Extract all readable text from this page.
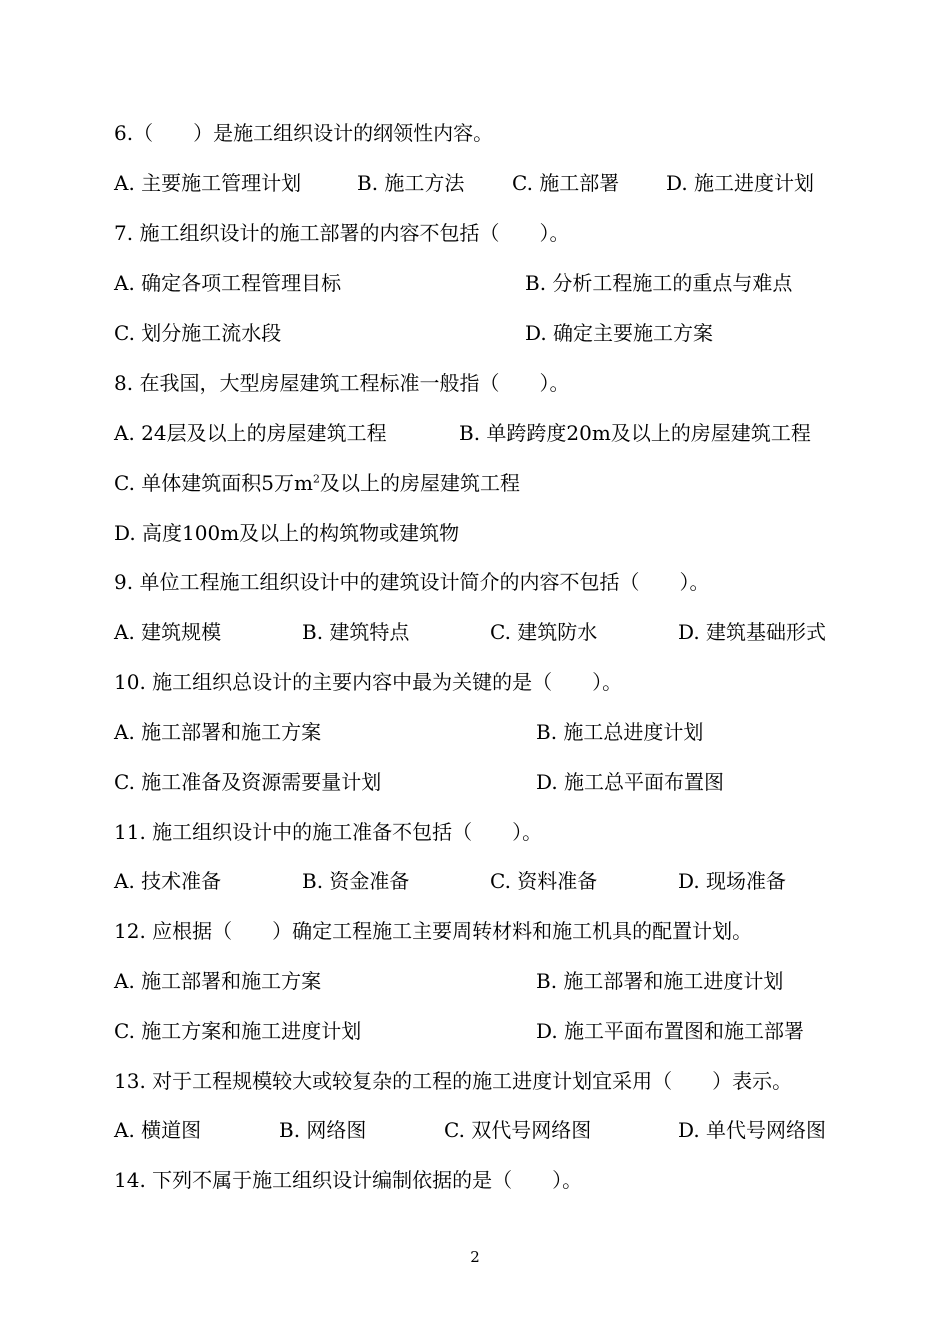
6.（　　）是施工组织设计的纲领性内容。
A. 主要施工管理计划	B. 施工方法 C. 施工部署 D. 施工进度计划
7. 施工组织设计的施工部署的内容不包括（　　）。
A. 确定各项工程管理目标	B. 分析工程施工的重点与难点
C. 划分施工流水段	D. 确定主要施工方案
8. 在我国，大型房屋建筑工程标准一般指（　　）。
A. 24层及以上的房屋建筑工程	B. 单跨跨度20m及以上的房屋建筑工程
C. 单体建筑面积5万$m^2$及以上的房屋建筑工程
D. 高度100m及以上的构筑物或建筑物
9. 单位工程施工组织设计中的建筑设计简介的内容不包括（　　）。
A. 建筑规模	B. 建筑特点	C. 建筑防水	D. 建筑基础形式
10. 施工组织总设计的主要内容中最为关键的是（　　）。
A. 施工部署和施工方案	B. 施工总进度计划
C. 施工准备及资源需要量计划	D. 施工总平面布置图
11. 施工组织设计中的施工准备不包括（　　）。
A. 技术准备	B. 资金准备	C. 资料准备	D. 现场准备
12. 应根据（　　）确定工程施工主要周转材料和施工机具的配置计划。
A. 施工部署和施工方案	B. 施工部署和施工进度计划
C. 施工方案和施工进度计划	D. 施工平面布置图和施工部署
13. 对于工程规模较大或较复杂的工程的施工进度计划宜采用（　　）表示。
A. 横道图	B. 网络图	C. 双代号网络图	D. 单代号网络图
14. 下列不属于施工组织设计编制依据的是（　　）。
2
